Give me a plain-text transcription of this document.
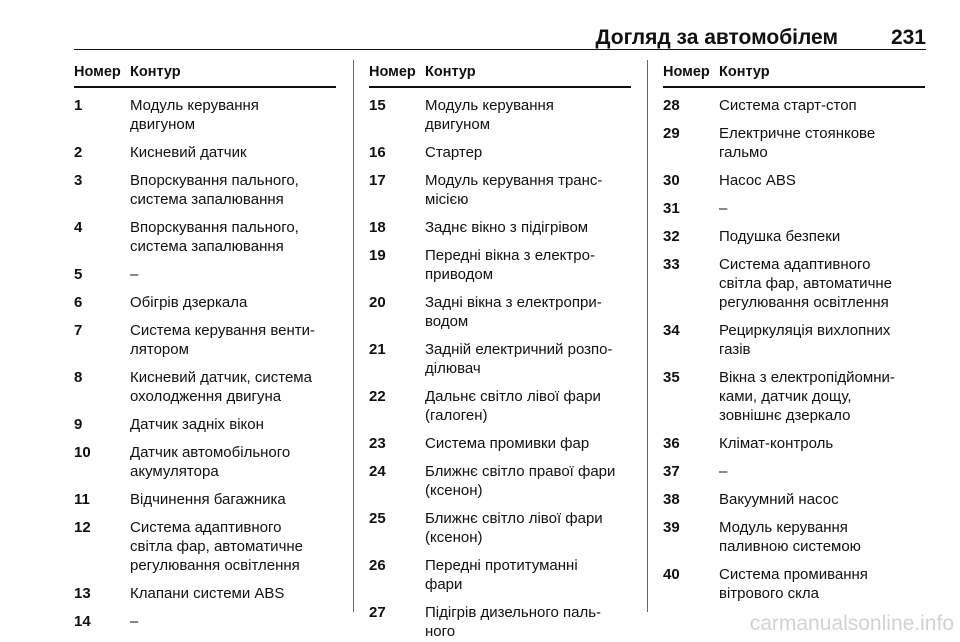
Догляд за автомобілем	231
Номер Контур
1	Модуль керування
двигуном
2	Кисневий датчик
3	Впорскування пального,
система запалювання
4	Впорскування пального,
система запалювання
5	–
6	Обігрів дзеркала
7	Система керування венти-
лятором
8	Кисневий датчик, система
охолодження двигуна
9	Датчик задніх вікон
10	Датчик автомобільного
акумулятора
11	Відчинення багажника
12	Система адаптивного
світла фар, автоматичне
регулювання освітлення
13	Клапани системи ABS
14	–
Номер Контур
15	Модуль керування
двигуном
16	Стартер
17	Модуль керування транс-
місією
18	Заднє вікно з підігрівом
19	Передні вікна з електро-
приводом
20	Задні вікна з електропри-
водом
21	Задній електричний розпо-
ділювач
22	Дальнє світло лівої фари
(галоген)
23	Система промивки фар
24	Ближнє світло правої фари
(ксенон)
25	Ближнє світло лівої фари
(ксенон)
26	Передні протитуманні
фари
27	Підігрів дизельного паль-
ного
Номер Контур
28	Система старт-стоп
29	Електричне стоянкове
гальмо
30	Насос ABS
31	–
32	Подушка безпеки
33	Система адаптивного
світла фар, автоматичне
регулювання освітлення
34	Рециркуляція вихлопних
газів
35	Вікна з електропідйомни-
ками, датчик дощу,
зовнішнє дзеркало
36	Клімат-контроль
37	–
38	Вакуумний насос
39	Модуль керування
паливною системою
40	Система промивання
вітрового скла
carmanualsonline.info
